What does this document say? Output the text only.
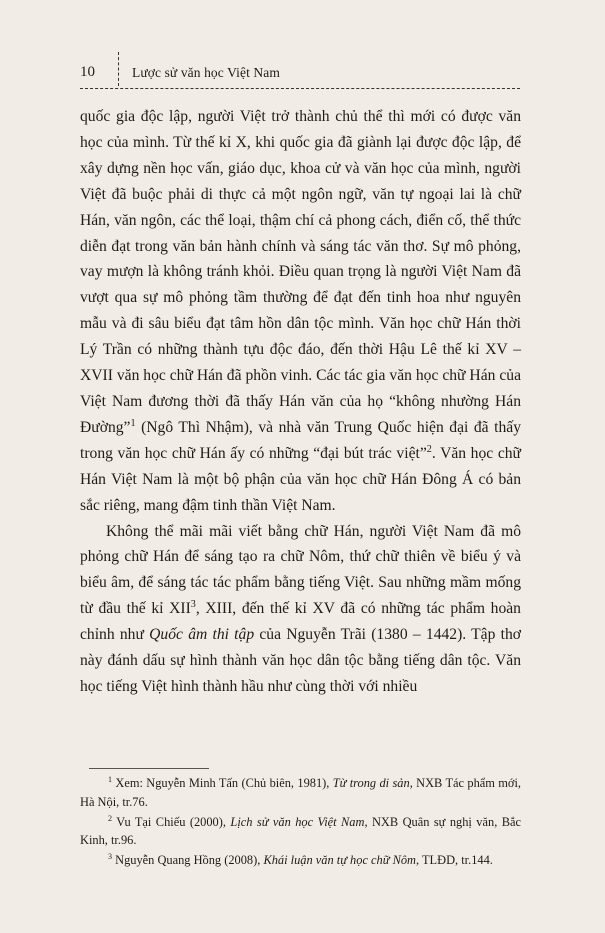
10	Lược sử văn học Việt Nam

quốc gia độc lập, người Việt trở thành chủ thể thì mới có được văn học của mình. Từ thế kỉ X, khi quốc gia đã giành lại được độc lập, để xây dựng nền học vấn, giáo dục, khoa cử và văn học của mình, người Việt đã buộc phải di thực cả một ngôn ngữ, văn tự ngoại lai là chữ Hán, văn ngôn, các thể loại, thậm chí cả phong cách, điển cố, thể thức diễn đạt trong văn bản hành chính và sáng tác văn thơ. Sự mô phỏng, vay mượn là không tránh khỏi. Điều quan trọng là người Việt Nam đã vượt qua sự mô phỏng tầm thường để đạt đến tinh hoa như nguyên mẫu và đi sâu biểu đạt tâm hồn dân tộc mình. Văn học chữ Hán thời Lý Trần có những thành tựu độc đáo, đến thời Hậu Lê thế kỉ XV – XVII văn học chữ Hán đã phồn vinh. Các tác gia văn học chữ Hán của Việt Nam đương thời đã thấy Hán văn của họ “không nhường Hán Đường”$^1$ (Ngô Thì Nhậm), và nhà văn Trung Quốc hiện đại đã thấy trong văn học chữ Hán ấy có những “đại bút trác việt”$^2$. Văn học chữ Hán Việt Nam là một bộ phận của văn học chữ Hán Đông Á có bản sắc riêng, mang đậm tinh thần Việt Nam.

Không thể mãi mãi viết bằng chữ Hán, người Việt Nam đã mô phỏng chữ Hán để sáng tạo ra chữ Nôm, thứ chữ thiên về biểu ý và biểu âm, để sáng tác tác phẩm bằng tiếng Việt. Sau những mầm mống từ đầu thế kỉ XII$^3$, XIII, đến thế kỉ XV đã có những tác phẩm hoàn chỉnh như Quốc âm thi tập của Nguyễn Trãi (1380 – 1442). Tập thơ này đánh dấu sự hình thành văn học dân tộc bằng tiếng dân tộc. Văn học tiếng Việt hình thành hầu như cùng thời với nhiều

$^1$ Xem: Nguyễn Minh Tấn (Chủ biên, 1981), Từ trong di sản, NXB Tác phẩm mới, Hà Nội, tr.76.

$^2$ Vu Tại Chiếu (2000), Lịch sử văn học Việt Nam, NXB Quân sự nghị văn, Bắc Kinh, tr.96.

$^3$ Nguyễn Quang Hồng (2008), Khái luận văn tự học chữ Nôm, TLĐD, tr.144.
